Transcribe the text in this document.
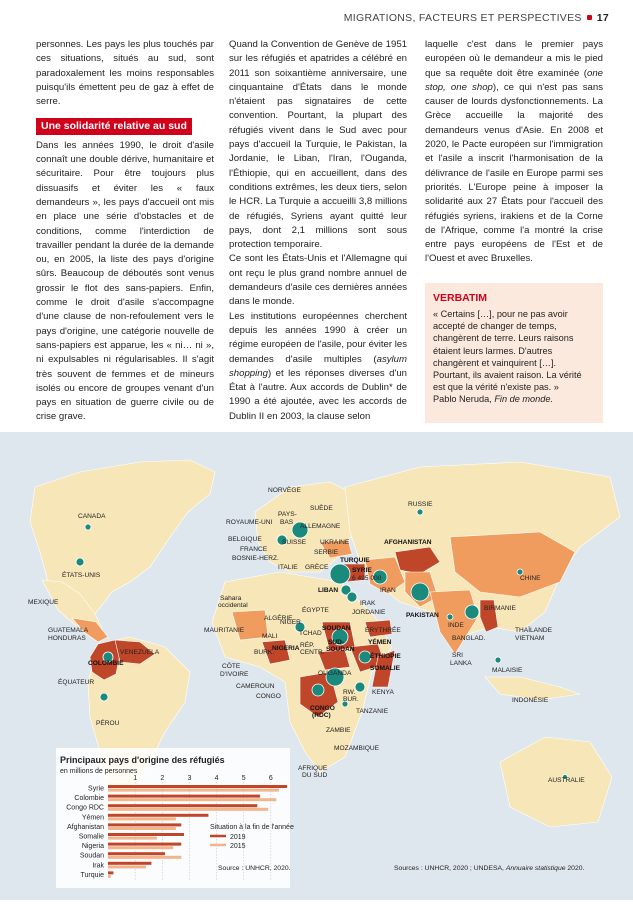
MIGRATIONS, FACTEURS ET PERSPECTIVES 17

personnes. Les pays les plus touchés par ces situations, situés au sud, sont paradoxalement les moins responsables puisqu'ils émettent peu de gaz à effet de serre.

Une solidarité relative au sud

Dans les années 1990, le droit d'asile connaît une double dérive, humanitaire et sécuritaire. Pour être toujours plus dissuasifs et éviter les « faux demandeurs », les pays d'accueil ont mis en place une série d'obstacles et de conditions, comme l'interdiction de travailler pendant la durée de la demande ou, en 2005, la liste des pays d'origine sûrs. Beaucoup de déboutés sont venus grossir le flot des sans-papiers. Enfin, comme le droit d'asile s'accompagne d'une clause de non-refoulement vers le pays d'origine, une catégorie nouvelle de sans-papiers est apparue, les « ni… ni », ni expulsables ni régularisables. Il s'agit très souvent de femmes et de mineurs isolés ou encore de groupes venant d'un pays en situation de guerre civile ou de crise grave.

Quand la Convention de Genève de 1951 sur les réfugiés et apatrides a célébré en 2011 son soixantième anniversaire, une cinquantaine d'États dans le monde n'étaient pas signataires de cette convention. Pourtant, la plupart des réfugiés vivent dans le Sud avec pour pays d'accueil la Turquie, le Pakistan, la Jordanie, le Liban, l'Iran, l'Ouganda, l'Éthiopie, qui en accueillent, dans des conditions extrêmes, les deux tiers, selon le HCR. La Turquie a accueilli 3,8 millions de réfugiés, Syriens ayant quitté leur pays, dont 2,1 millions sont sous protection temporaire.

Ce sont les États-Unis et l'Allemagne qui ont reçu le plus grand nombre annuel de demandeurs d'asile ces dernières années dans le monde.

Les institutions européennes cherchent depuis les années 1990 à créer un régime européen de l'asile, pour éviter les demandes d'asile multiples (asylum shopping) et les réponses diverses d'un État à l'autre. Aux accords de Dublin* de 1990 a été ajoutée, avec les accords de Dublin II en 2003, la clause selon

laquelle c'est dans le premier pays européen où le demandeur a mis le pied que sa requête doit être examinée (one stop, one shop), ce qui n'est pas sans causer de lourds dysfonctionnements. La Grèce accueille la majorité des demandeurs venus d'Asie. En 2008 et 2020, le Pacte européen sur l'immigration et l'asile a inscrit l'harmonisation de la délivrance de l'asile en Europe parmi ses priorités. L'Europe peine à imposer la solidarité aux 27 États pour l'accueil des réfugiés syriens, irakiens et de la Corne de l'Afrique, comme l'a montré la crise entre pays européens de l'Est et de l'Ouest et avec Bruxelles.

VERBATIM
« Certains […], pour ne pas avoir accepté de changer de temps, changèrent de terre. Leurs raisons étaient leurs larmes. D'autres changèrent et vainquirent […]. Pourtant, ils avaient raison. La vérité est que la vérité n'existe pas. »
Pablo Neruda, Fin de monde.
CANADA
ÉTATS-UNIS
MEXIQUE
GUATEMALA
HONDURAS
VENEZUELA
COLOMBIE
ÉQUATEUR
PÉROU
NORVÈGE
SUÈDE
PAYS-
BAS
ROYAUME-UNI
ALLEMAGNE
BELGIQUE
FRANCE
SUISSE UKRAINE
SERBIE
BOSNIE-HERZ.
ITALIE GRÈCE
TURQUIE
RUSSIE
AFGHANISTAN
SYRIE
6 495 000
LIBAN
IRAK
IRAN
JORDANIE
ÉGYPTE
ALGÉRIE
Sahara
occidental
PAKISTAN
CHINE
INDE
BIRMANIE
BANGLAD.
THAÏLANDE
VIETNAM
SRI
LANKA
MALAISIE
INDONÉSIE
AUSTRALIE
MAURITANIE
MALI
NIGER
TCHAD
SOUDAN ÉRYTHRÉE
YÉMEN
BURK.
NIGERIA RÉP.
CENTR.
SUD-
SOUDAN
ÉTHIOPIE
SOMALIE
CÔTE
D'IVOIRE
CAMEROUN
OUGANDA
KENYA
RW.
BUR.
CONGO
CONGO
(RDC)
TANZANIE
ZAMBIE
MOZAMBIQUE
AFRIQUE
DU SUD
Principaux pays d'origine des réfugiés
en millions de personnes
1	2	3	4	5	6
Syrie
Colombie
Congo RDC
Yémen
Afghanistan
Somalie
Nigeria
Soudan
Irak
Turquie
Situation à la fin de l'année
2019
2015
Source : UNHCR, 2020.	Sources : UNHCR, 2020 ; UNDESA, Annuaire statistique 2020.
